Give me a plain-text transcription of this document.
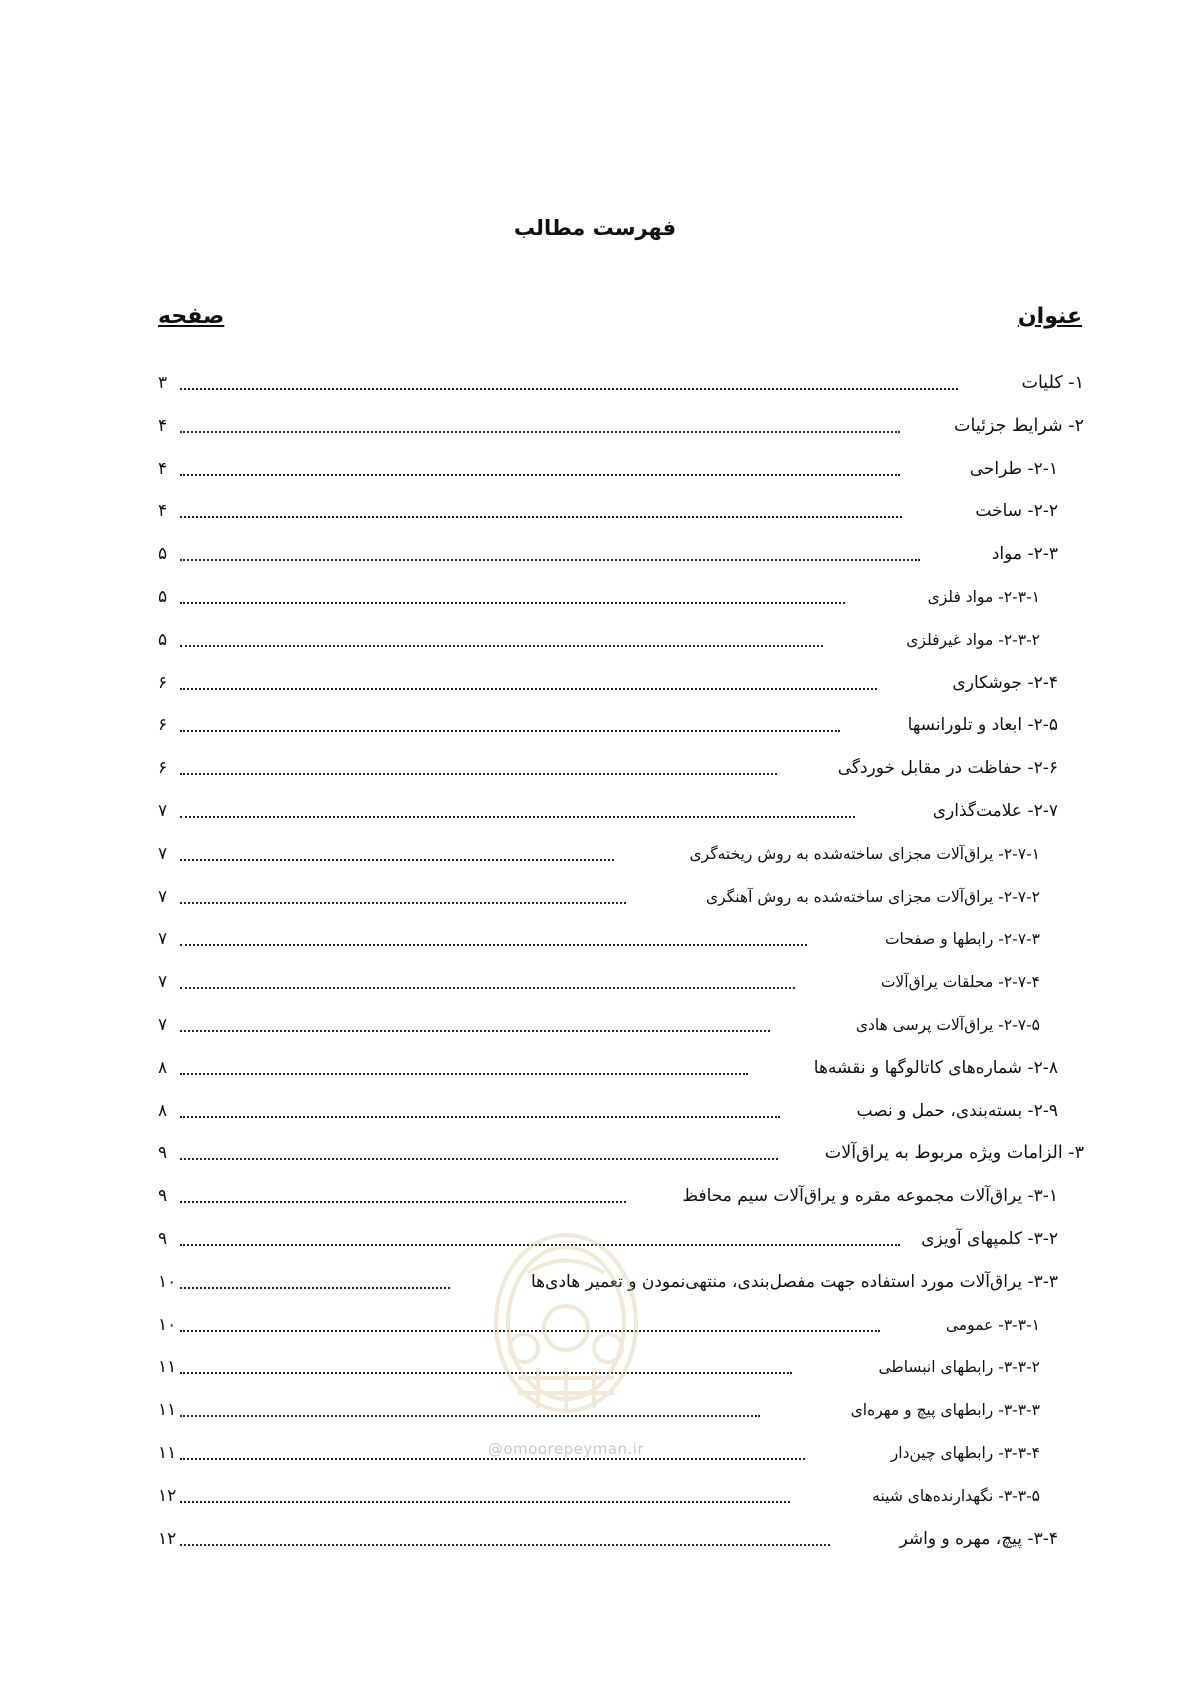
فهرست مطالب
عنوان
صفحه
۳	۱- کلیات
۴	۲- شرایط جزئیات
۴	۲-۱- طراحی
۴	۲-۲- ساخت
۵	۲-۳- مواد
۵	۲-۳-۱- مواد فلزی
۵	۲-۳-۲- مواد غیرفلزی
۶	۲-۴- جوشکاری
۶	۲-۵- ابعاد و تلورانسها
۶	۲-۶- حفاظت در مقابل خوردگی
۷	۲-۷- علامت‌گذاری
۷	۲-۷-۱- یراق‌آلات مجزای ساخته‌شده به روش ریخته‌گری
۷	۲-۷-۲- یراق‌آلات مجزای ساخته‌شده به روش آهنگری
۷	۲-۷-۳- رابطها و صفحات
۷	۲-۷-۴- محلقات یراق‌آلات
۷	۲-۷-۵- یراق‌آلات پرسی هادی
۸	۲-۸- شماره‌های کاتالوگها و نقشه‌ها
۸	۲-۹- بسته‌بندی، حمل و نصب
۹	۳- الزامات ویژه مربوط به یراق‌آلات
۹	۳-۱- یراق‌آلات مجموعه مقره و یراق‌آلات سیم محافظ
۹	۳-۲- کلمپهای آویزی
۱۰	۳-۳- یراق‌آلات مورد استفاده جهت مفصل‌بندی، منتهی‌نمودن و تعمیر هادی‌ها
۱۰	۳-۳-۱- عمومی
۱۱	۳-۳-۲- رابطهای انبساطی
۱۱	۳-۳-۳- رابطهای پیچ و مهره‌ای
۱۱	۳-۳-۴- رابطهای چین‌دار
۱۲	۳-۳-۵- نگهدارنده‌های شینه
۱۲	۳-۴- پیچ، مهره و واشر
@omoorepeyman.ir
